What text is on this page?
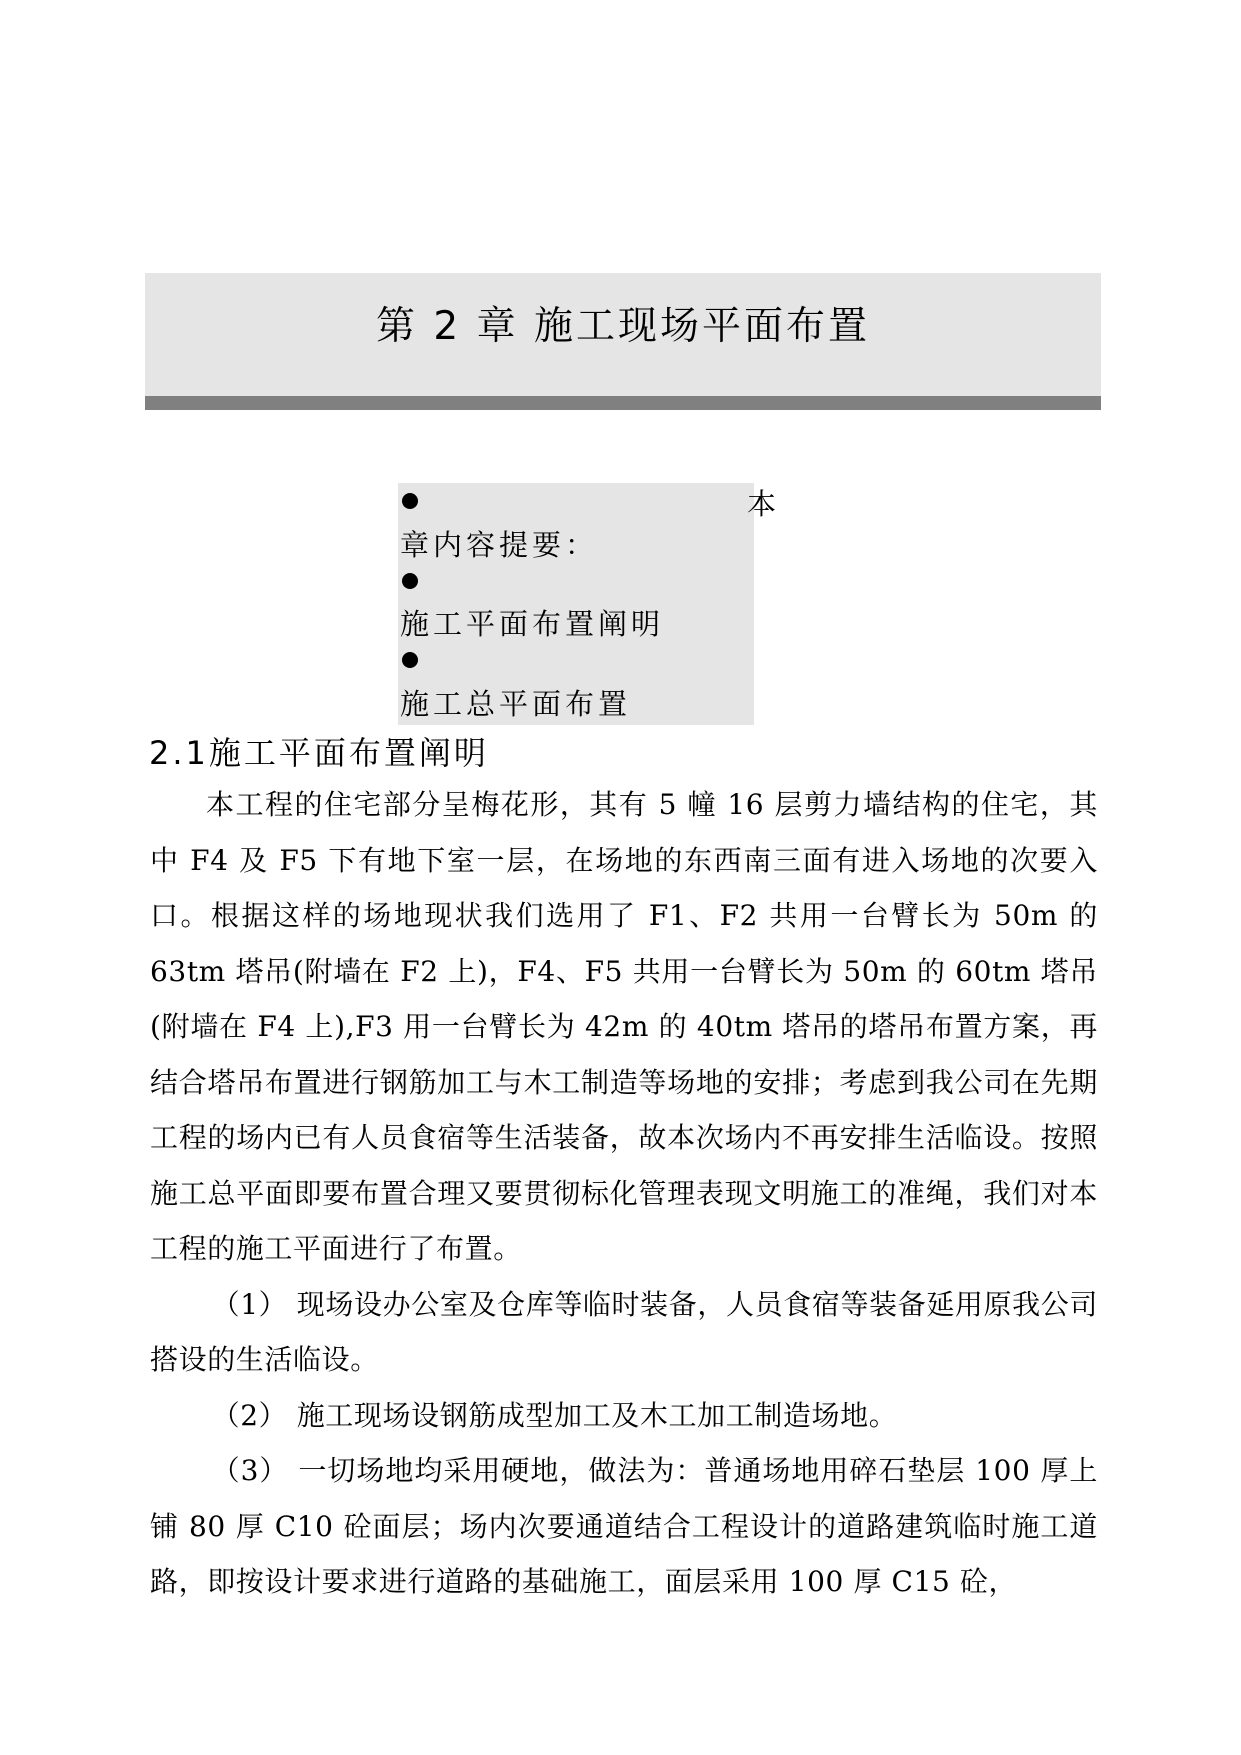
第 2 章 施工现场平面布置
本
章内容提要：
施工平面布置阐明
施工总平面布置
2.1施工平面布置阐明

本工程的住宅部分呈梅花形，其有 5 幢 16 层剪力墙结构的住宅，其中 F4 及 F5 下有地下室一层，在场地的东西南三面有进入场地的次要入口。根据这样的场地现状我们选用了 F1、F2 共用一台臂长为 50m 的 63tm 塔吊(附墙在 F2 上)，F4、F5 共用一台臂长为 50m 的 60tm 塔吊(附墙在 F4 上),F3 用一台臂长为 42m 的 40tm 塔吊的塔吊布置方案，再结合塔吊布置进行钢筋加工与木工制造等场地的安排；考虑到我公司在先期工程的场内已有人员食宿等生活装备，故本次场内不再安排生活临设。按照施工总平面即要布置合理又要贯彻标化管理表现文明施工的准绳，我们对本工程的施工平面进行了布置。

（1） 现场设办公室及仓库等临时装备，人员食宿等装备延用原我公司搭设的生活临设。

（2） 施工现场设钢筋成型加工及木工加工制造场地。

（3） 一切场地均采用硬地，做法为：普通场地用碎石垫层 100 厚上铺 80 厚 C10 砼面层；场内次要通道结合工程设计的道路建筑临时施工道路，即按设计要求进行道路的基础施工，面层采用 100 厚 C15 砼，
